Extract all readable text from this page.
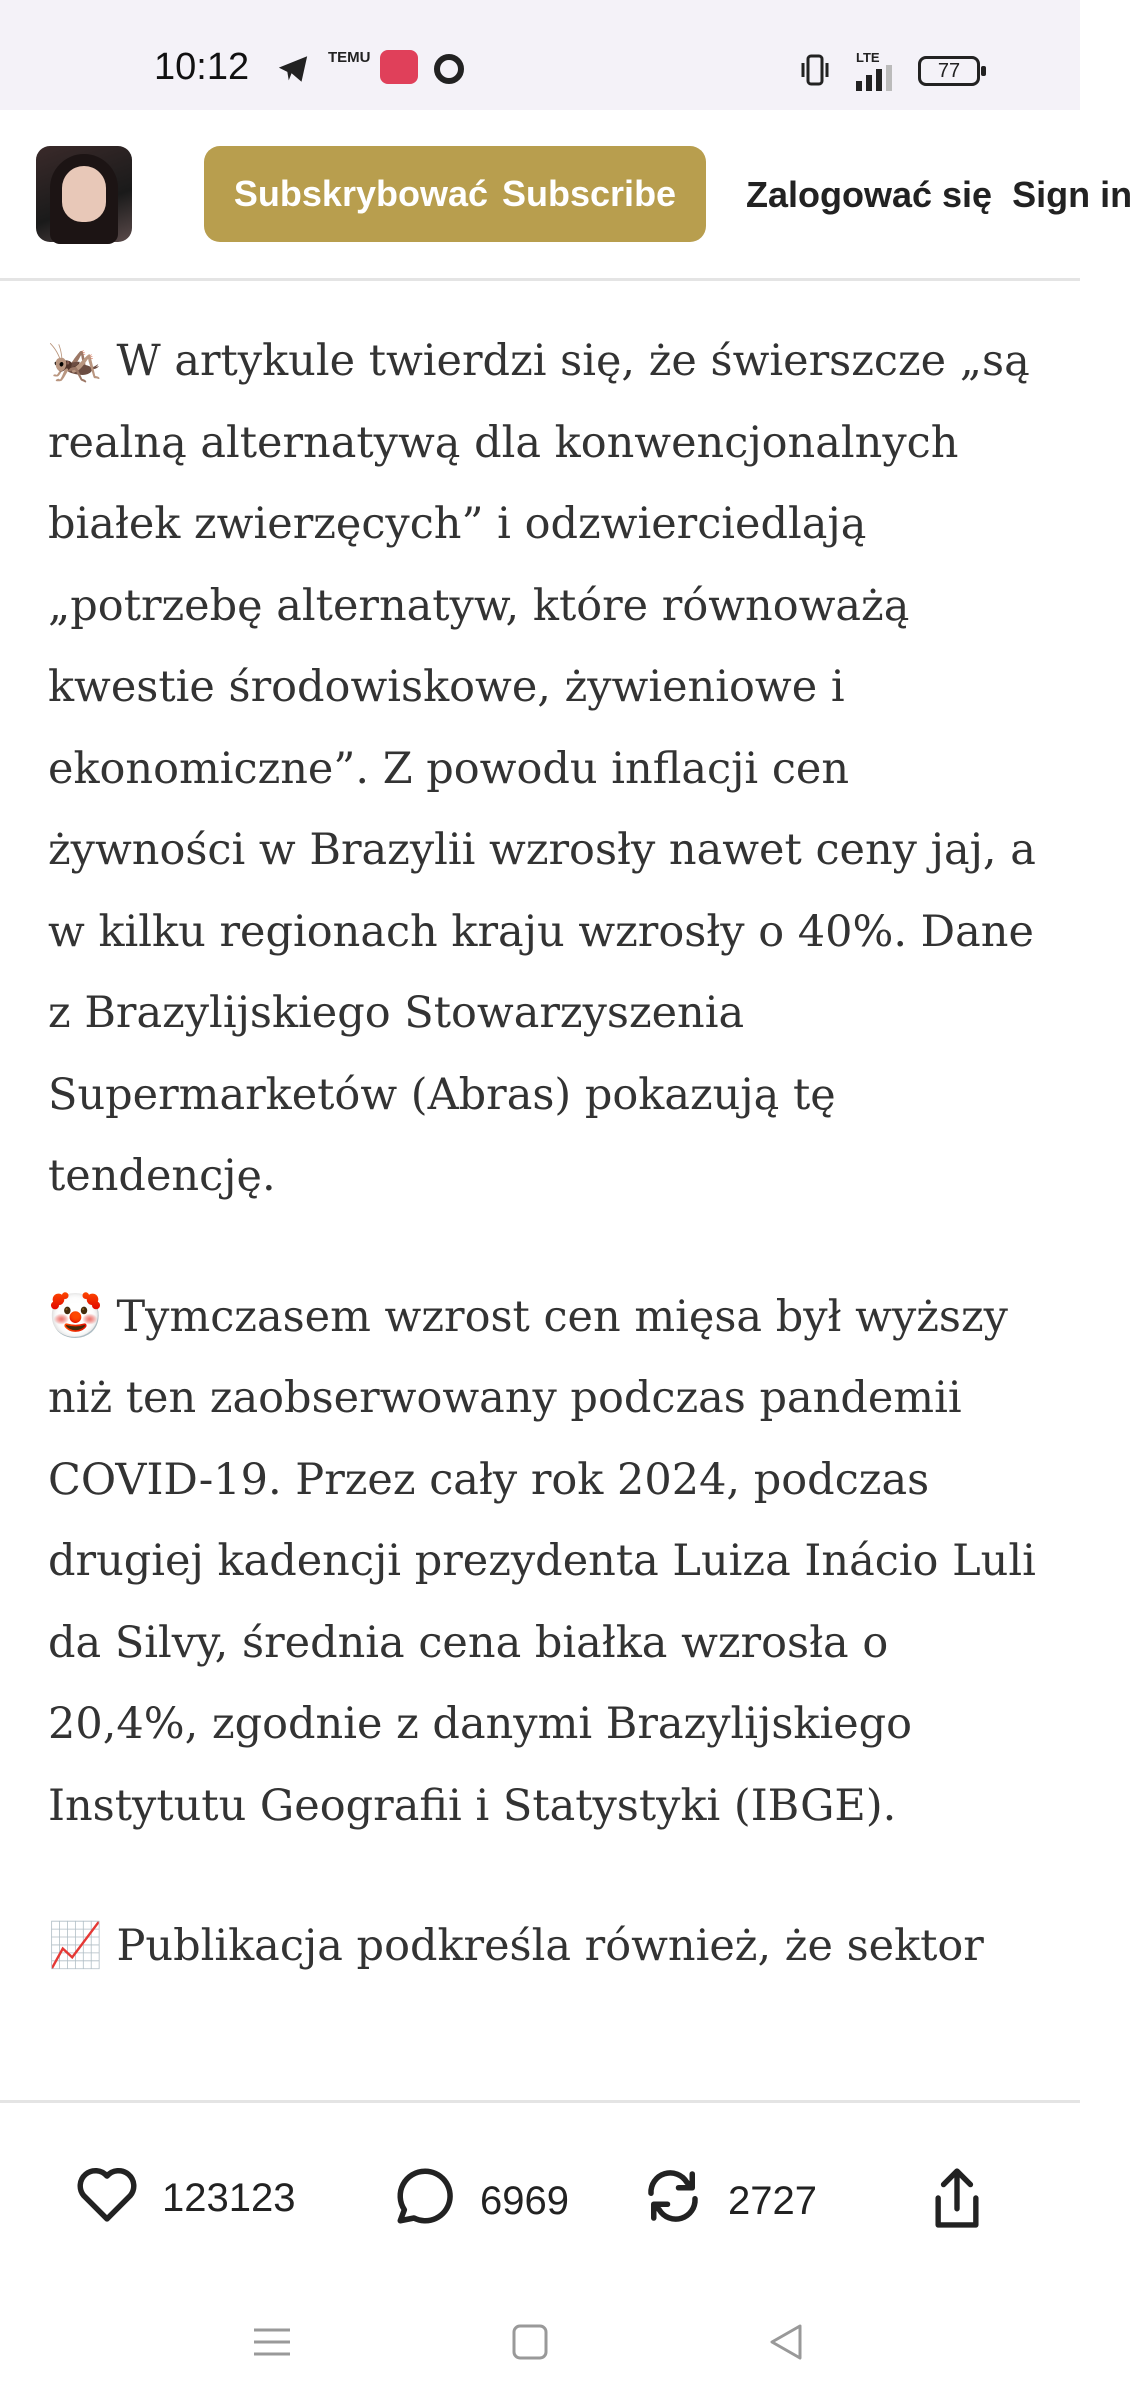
10:12	TEMU	LTE
77
Subskrybować Subscribe Zalogować się Sign in

🦗 W artykule twierdzi się, że świerszcze „są realną alternatywą dla konwencjonalnych białek zwierzęcych” i odzwierciedlają „potrzebę alternatyw, które równoważą kwestie środowiskowe, żywieniowe i ekonomiczne”. Z powodu inflacji cen żywności w Brazylii wzrosły nawet ceny jaj, a w kilku regionach kraju wzrosły o 40%. Dane z Brazylijskiego Stowarzyszenia Supermarketów (Abras) pokazują tę tendencję.

🤡 Tymczasem wzrost cen mięsa był wyższy niż ten zaobserwowany podczas pandemii COVID-19. Przez cały rok 2024, podczas drugiej kadencji prezydenta Luiza Inácio Luli da Silvy, średnia cena białka wzrosła o 20,4%, zgodnie z danymi Brazylijskiego Instytutu Geografii i Statystyki (IBGE).

📈 Publikacja podkreśla również, że sektor

123123	6969	2727
